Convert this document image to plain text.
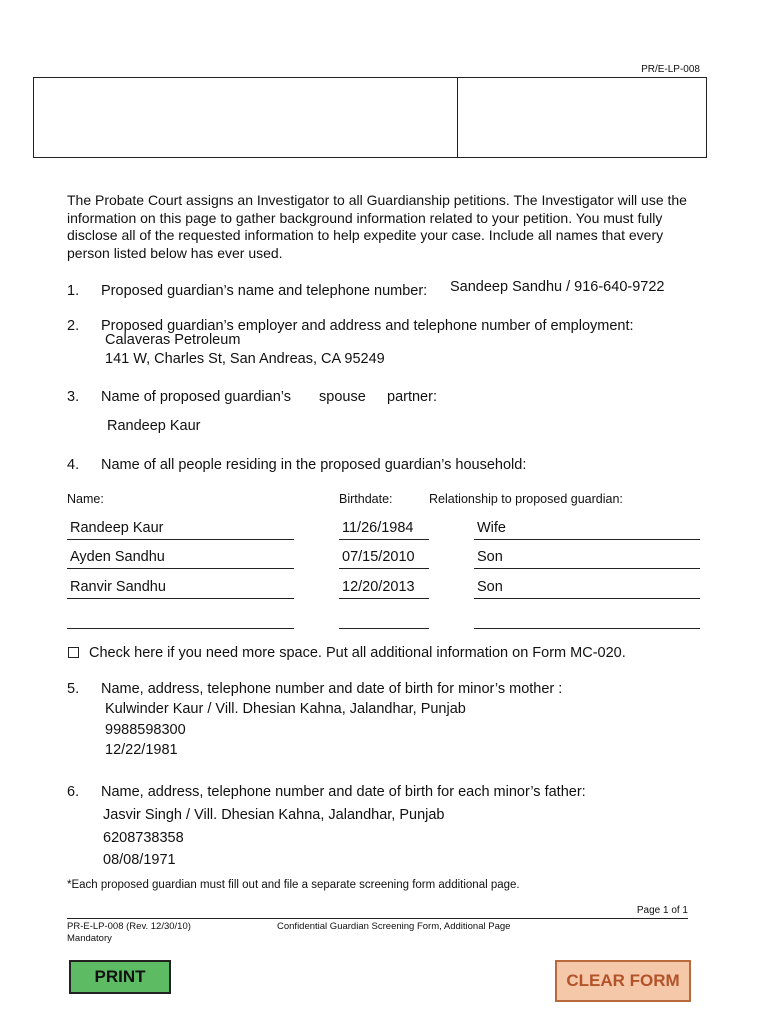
PR/E-LP-008
The Probate Court assigns an Investigator to all Guardianship petitions. The Investigator will use the information on this page to gather background information related to your petition. You must fully disclose all of the requested information to help expedite your case. Include all names that every person listed below has ever used.
1. Proposed guardian’s name and telephone number: Sandeep Sandhu / 916-640-9722
2. Proposed guardian’s employer and address and telephone number of employment:
Calaveras Petroleum
141 W, Charles St, San Andreas, CA 95249
3. Name of proposed guardian’s spouse partner:
Randeep Kaur
4. Name of all people residing in the proposed guardian’s household:
Name:	Birthdate:	Relationship to proposed guardian:
Randeep Kaur	11/26/1984	Wife
Ayden Sandhu	07/15/2010	Son
Ranvir Sandhu	12/20/2013	Son
Check here if you need more space. Put all additional information on Form MC-020.
5. Name, address, telephone number and date of birth for minor’s mother :
Kulwinder Kaur / Vill. Dhesian Kahna, Jalandhar, Punjab
9988598300
12/22/1981
6. Name, address, telephone number and date of birth for each minor’s father:
Jasvir Singh / Vill. Dhesian Kahna, Jalandhar, Punjab
6208738358
08/08/1971
*Each proposed guardian must fill out and file a separate screening form additional page.
Page 1 of 1
PR-E-LP-008 (Rev. 12/30/10)
Mandatory
Confidential Guardian Screening Form, Additional Page
PRINT	CLEAR FORM
